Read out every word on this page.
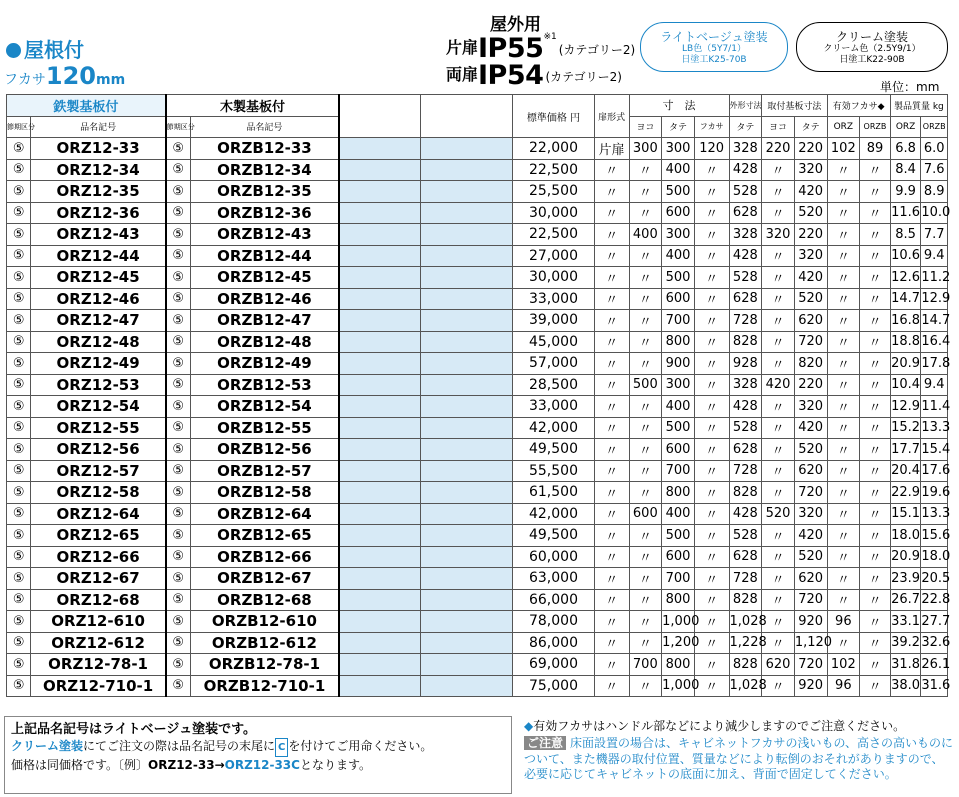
屋根付
フカサ120mm
屋外用
片扉IP55$^{※1}$(カテゴリー2)
両扉IP54 (カテゴリー2)
ライトベージュ塗装
LB色（5Y7/1）
日塗工K25-70B
クリーム塗装
クリーム色（2.5Y9/1）
日塗工K22-90B
単位：mm
鉄製基板付		木製基板付				標準価格 円	扉形式	寸　法			外形寸法	取付基板寸法		有効フカサ◆		製品質量 kg	
節期区分	品名記号	節期区分	品名記号					ヨコ	タテ	フカサ	タテ	ヨコ	タテ	ORZ	ORZB	ORZ	ORZB
⑤	ORZ12-33	⑤	ORZB12-33			22,000	片扉	300	300	120	328	220	220	102	89	6.8	6.0
⑤	ORZ12-34	⑤	ORZB12-34			22,500	〃	〃	400	〃	428	〃	320	〃	〃	8.4	7.6
⑤	ORZ12-35	⑤	ORZB12-35			25,500	〃	〃	500	〃	528	〃	420	〃	〃	9.9	8.9
⑤	ORZ12-36	⑤	ORZB12-36			30,000	〃	〃	600	〃	628	〃	520	〃	〃	11.6	10.0
⑤	ORZ12-43	⑤	ORZB12-43			22,500	〃	400	300	〃	328	320	220	〃	〃	8.5	7.7
⑤	ORZ12-44	⑤	ORZB12-44			27,000	〃	〃	400	〃	428	〃	320	〃	〃	10.6	9.4
⑤	ORZ12-45	⑤	ORZB12-45			30,000	〃	〃	500	〃	528	〃	420	〃	〃	12.6	11.2
⑤	ORZ12-46	⑤	ORZB12-46			33,000	〃	〃	600	〃	628	〃	520	〃	〃	14.7	12.9
⑤	ORZ12-47	⑤	ORZB12-47			39,000	〃	〃	700	〃	728	〃	620	〃	〃	16.8	14.7
⑤	ORZ12-48	⑤	ORZB12-48			45,000	〃	〃	800	〃	828	〃	720	〃	〃	18.8	16.4
⑤	ORZ12-49	⑤	ORZB12-49			57,000	〃	〃	900	〃	928	〃	820	〃	〃	20.9	17.8
⑤	ORZ12-53	⑤	ORZB12-53			28,500	〃	500	300	〃	328	420	220	〃	〃	10.4	9.4
⑤	ORZ12-54	⑤	ORZB12-54			33,000	〃	〃	400	〃	428	〃	320	〃	〃	12.9	11.4
⑤	ORZ12-55	⑤	ORZB12-55			42,000	〃	〃	500	〃	528	〃	420	〃	〃	15.2	13.3
⑤	ORZ12-56	⑤	ORZB12-56			49,500	〃	〃	600	〃	628	〃	520	〃	〃	17.7	15.4
⑤	ORZ12-57	⑤	ORZB12-57			55,500	〃	〃	700	〃	728	〃	620	〃	〃	20.4	17.6
⑤	ORZ12-58	⑤	ORZB12-58			61,500	〃	〃	800	〃	828	〃	720	〃	〃	22.9	19.6
⑤	ORZ12-64	⑤	ORZB12-64			42,000	〃	600	400	〃	428	520	320	〃	〃	15.1	13.3
⑤	ORZ12-65	⑤	ORZB12-65			49,500	〃	〃	500	〃	528	〃	420	〃	〃	18.0	15.6
⑤	ORZ12-66	⑤	ORZB12-66			60,000	〃	〃	600	〃	628	〃	520	〃	〃	20.9	18.0
⑤	ORZ12-67	⑤	ORZB12-67			63,000	〃	〃	700	〃	728	〃	620	〃	〃	23.9	20.5
⑤	ORZ12-68	⑤	ORZB12-68			66,000	〃	〃	800	〃	828	〃	720	〃	〃	26.7	22.8
⑤	ORZ12-610	⑤	ORZB12-610			78,000	〃	〃	1,000	〃	1,028	〃	920	96	〃	33.1	27.7
⑤	ORZ12-612	⑤	ORZB12-612			86,000	〃	〃	1,200	〃	1,228	〃	1,120	〃	〃	39.2	32.6
⑤	ORZ12-78-1	⑤	ORZB12-78-1			69,000	〃	700	800	〃	828	620	720	102	〃	31.8	26.1
⑤	ORZ12-710-1	⑤	ORZB12-710-1			75,000	〃	〃	1,000	〃	1,028	〃	920	96	〃	38.0	31.6
上記品名記号はライトベージュ塗装です。
クリーム塗装にてご注文の際は品名記号の末尾に C を付けてご用命ください。
価格は同価格です。〔例〕ORZ12-33→ORZ12-33Cとなります。
◆有効フカサはハンドル部などにより減少しますのでご注意ください。
ご注意 床面設置の場合は、キャビネットフカサの浅いもの、高さの高いものについて、また機器の取付位置、質量などにより転倒のおそれがありますので、必要に応じてキャビネットの底面に加え、背面で固定してください。
